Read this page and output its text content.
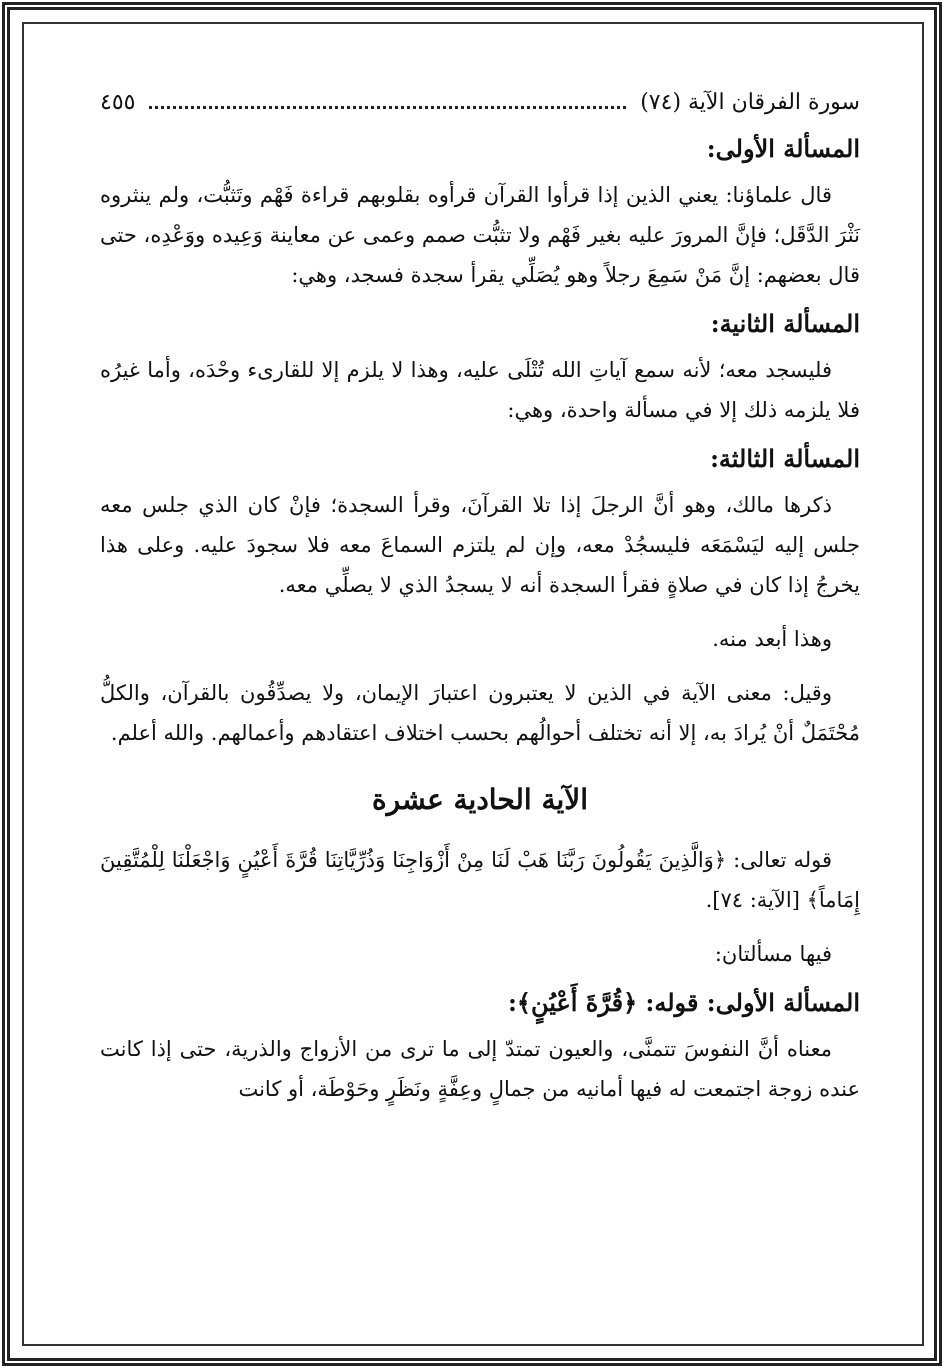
سورة الفرقان الآية (٧٤)
٤٥٥
المسألة الأولى:

قال علماؤنا: يعني الذين إذا قرأوا القرآن قرأوه بقلوبهم قراءة فَهْم وتَثبُّت، ولم ينثروه نَثْرَ الدَّقَل؛ فإنَّ المرورَ عليه بغير فَهْم ولا تثبُّت صمم وعمى عن معاينة وَعِيده ووَعْدِه، حتى قال بعضهم: إنَّ مَنْ سَمِعَ رجلاً وهو يُصَلِّي يقرأ سجدة فسجد، وهي:

المسألة الثانية:

فليسجد معه؛ لأنه سمع آياتِ الله تُتْلَى عليه، وهذا لا يلزم إلا للقارىء وحْدَه، وأما غيرُه فلا يلزمه ذلك إلا في مسألة واحدة، وهي:

المسألة الثالثة:

ذكرها مالك، وهو أنَّ الرجلَ إذا تلا القرآنَ، وقرأ السجدة؛ فإنْ كان الذي جلس معه جلس إليه ليَسْمَعَه فليسجُدْ معه، وإن لم يلتزم السماعَ معه فلا سجودَ عليه. وعلى هذا يخرجُ إذا كان في صلاةٍ فقرأ السجدة أنه لا يسجدُ الذي لا يصلِّي معه.

وهذا أبعد منه.

وقيل: معنى الآية في الذين لا يعتبرون اعتبارَ الإيمان، ولا يصدِّقُون بالقرآن، والكلُّ مُحْتَمَلٌ أنْ يُرادَ به، إلا أنه تختلف أحوالُهم بحسب اختلاف اعتقادهم وأعمالهم. والله أعلم.

الآية الحادية عشرة

قوله تعالى: ﴿وَالَّذِينَ يَقُولُونَ رَبَّنَا هَبْ لَنَا مِنْ أَزْوَاجِنَا وَذُرِّيَّاتِنَا قُرَّةَ أَعْيُنٍ وَاجْعَلْنَا لِلْمُتَّقِينَ إِمَاماً﴾ [الآية: ٧٤].

فيها مسألتان:

المسألة الأولى: قوله: ﴿قُرَّةَ أَعْيُنٍ﴾:

معناه أنَّ النفوسَ تتمنَّى، والعيون تمتدّ إلى ما ترى من الأزواج والذرية، حتى إذا كانت عنده زوجة اجتمعت له فيها أمانيه من جمالٍ وعِفَّةٍ ونَظَرٍ وحَوْطَة، أو كانت
